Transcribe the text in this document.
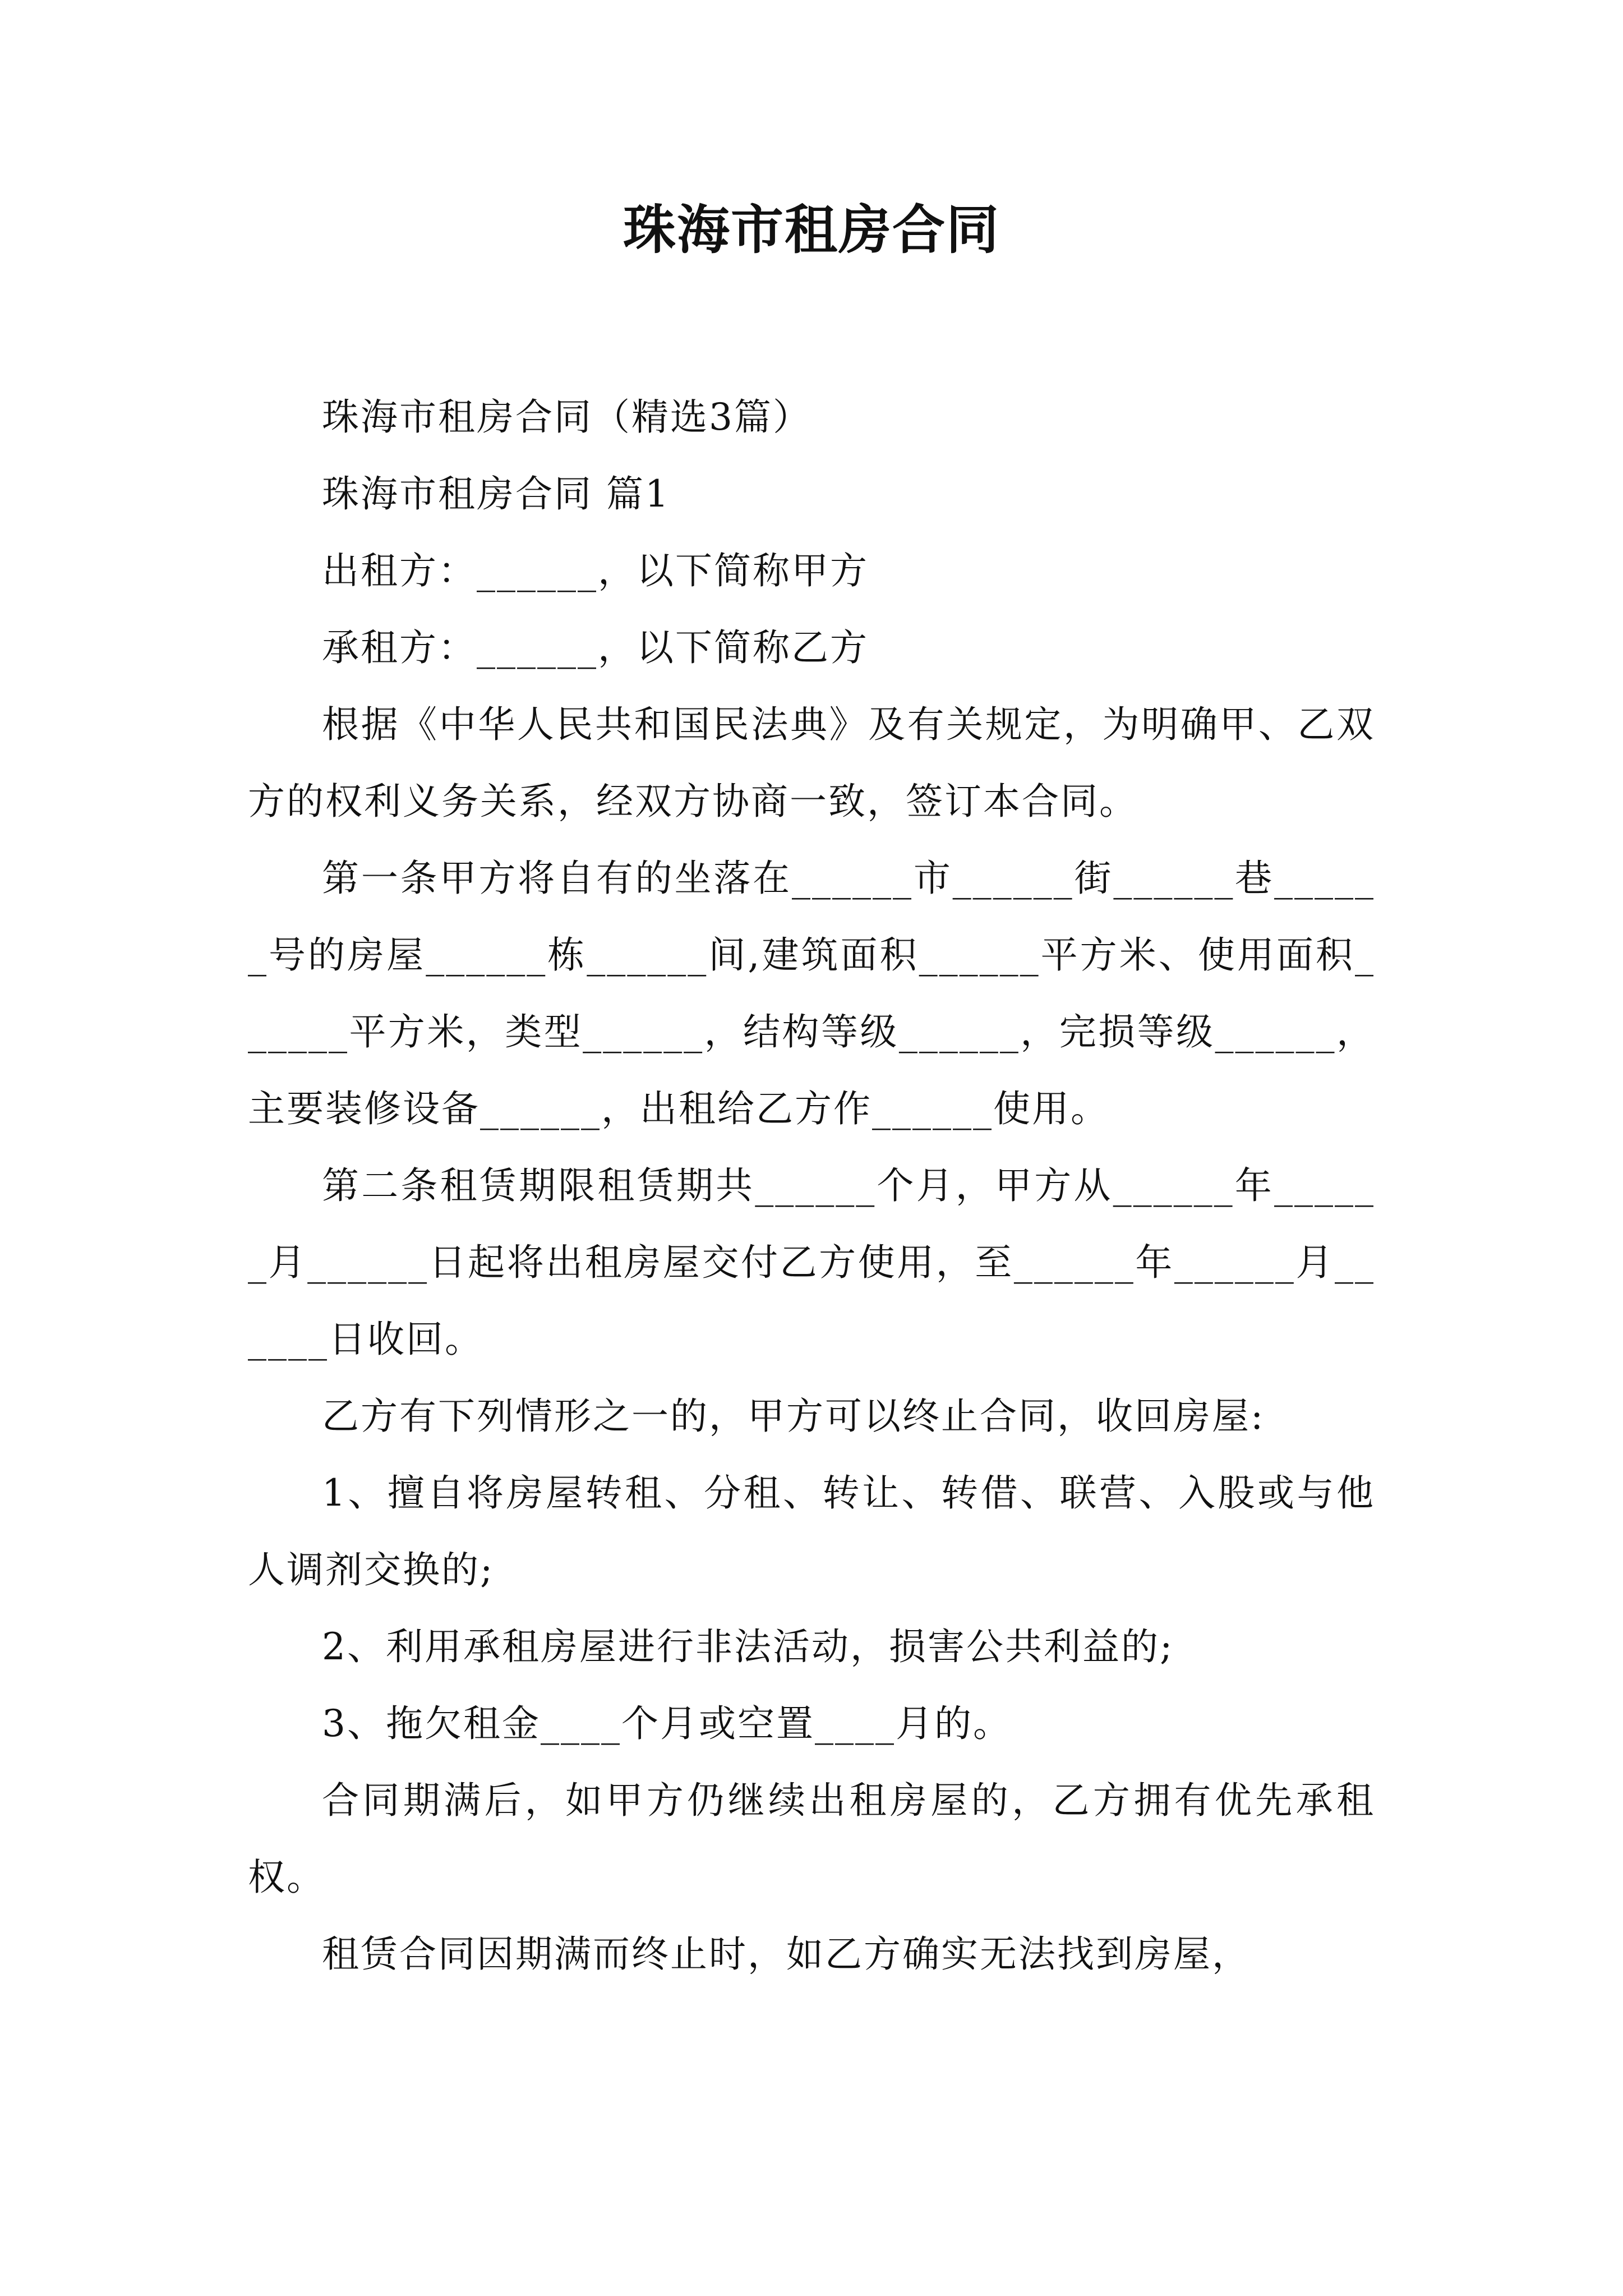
珠海市租房合同

珠海市租房合同（精选3篇）

珠海市租房合同 篇1

出租方：______，以下简称甲方

承租方：______，以下简称乙方

根据《中华人民共和国民法典》及有关规定，为明确甲、乙双方的权利义务关系，经双方协商一致，签订本合同。

第一条甲方将自有的坐落在______市______街______巷______号的房屋______栋______间,建筑面积______平方米、使用面积______平方米，类型______，结构等级______，完损等级______，主要装修设备______，出租给乙方作______使用。

第二条租赁期限租赁期共______个月，甲方从______年______月______日起将出租房屋交付乙方使用，至______年______月______日收回。

乙方有下列情形之一的，甲方可以终止合同，收回房屋:

1、擅自将房屋转租、分租、转让、转借、联营、入股或与他人调剂交换的;

2、利用承租房屋进行非法活动，损害公共利益的;

3、拖欠租金____个月或空置____月的。

合同期满后，如甲方仍继续出租房屋的，乙方拥有优先承租权。

租赁合同因期满而终止时，如乙方确实无法找到房屋，
